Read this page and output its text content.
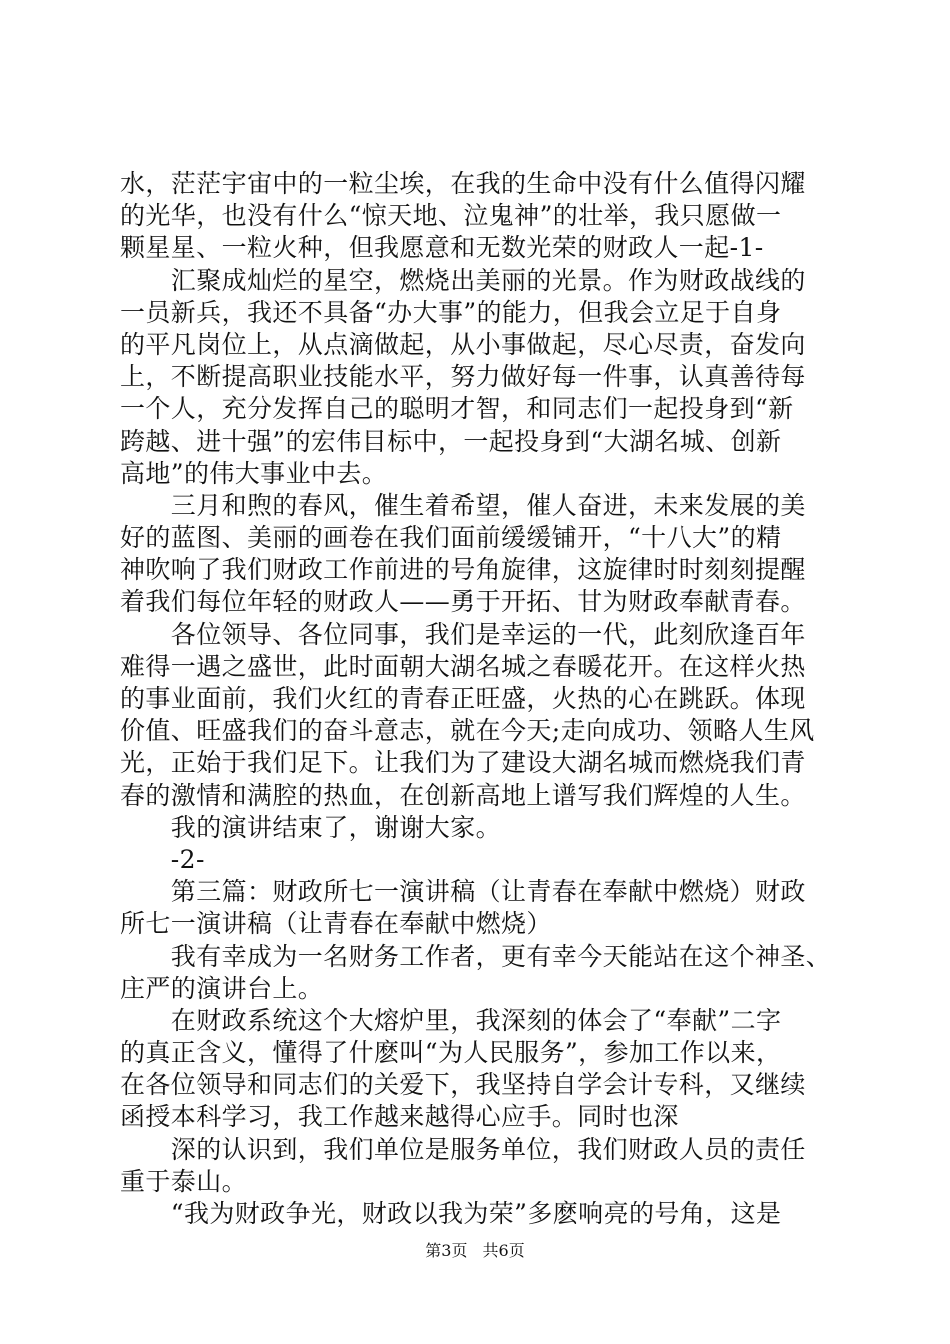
水，茫茫宇宙中的一粒尘埃，在我的生命中没有什么值得闪耀
的光华，也没有什么“惊天地、泣鬼神”的壮举，我只愿做一
颗星星、一粒火种，但我愿意和无数光荣的财政人一起-1-
　　汇聚成灿烂的星空，燃烧出美丽的光景。作为财政战线的
一员新兵，我还不具备“办大事”的能力，但我会立足于自身
的平凡岗位上，从点滴做起，从小事做起，尽心尽责，奋发向
上，不断提高职业技能水平，努力做好每一件事，认真善待每
一个人，充分发挥自己的聪明才智，和同志们一起投身到“新
跨越、进十强”的宏伟目标中，一起投身到“大湖名城、创新
高地”的伟大事业中去。
　　三月和煦的春风，催生着希望，催人奋进，未来发展的美
好的蓝图、美丽的画卷在我们面前缓缓铺开，“十八大”的精
神吹响了我们财政工作前进的号角旋律，这旋律时时刻刻提醒
着我们每位年轻的财政人——勇于开拓、甘为财政奉献青春。
　　各位领导、各位同事，我们是幸运的一代，此刻欣逢百年
难得一遇之盛世，此时面朝大湖名城之春暖花开。在这样火热
的事业面前，我们火红的青春正旺盛，火热的心在跳跃。体现
价值、旺盛我们的奋斗意志，就在今天;走向成功、领略人生风
光，正始于我们足下。让我们为了建设大湖名城而燃烧我们青
春的激情和满腔的热血，在创新高地上谱写我们辉煌的人生。
　　我的演讲结束了，谢谢大家。
　　-2-
　　第三篇：财政所七一演讲稿（让青春在奉献中燃烧）财政
所七一演讲稿（让青春在奉献中燃烧）
　　我有幸成为一名财务工作者，更有幸今天能站在这个神圣、
庄严的演讲台上。
　　在财政系统这个大熔炉里，我深刻的体会了“奉献”二字
的真正含义，懂得了什麽叫“为人民服务”，参加工作以来，
在各位领导和同志们的关爱下，我坚持自学会计专科，又继续
函授本科学习，我工作越来越得心应手。同时也深
　　深的认识到，我们单位是服务单位，我们财政人员的责任
重于泰山。
　　“我为财政争光，财政以我为荣”多麽响亮的号角，这是
第3页 共6页
